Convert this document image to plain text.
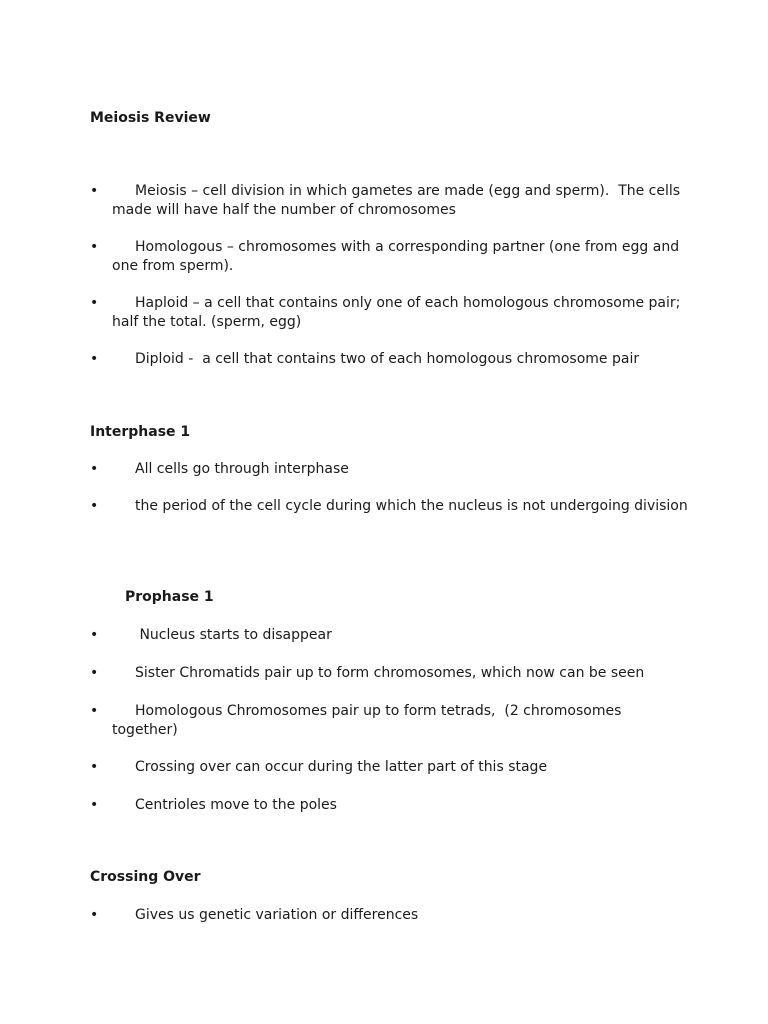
Meiosis Review
•	Meiosis – cell division in which gametes are made (egg and sperm).  The cells made will have half the number of chromosomes
•	Homologous – chromosomes with a corresponding partner (one from egg and one from sperm).
•	Haploid – a cell that contains only one of each homologous chromosome pair; half the total. (sperm, egg)
•	Diploid -  a cell that contains two of each homologous chromosome pair
Interphase 1
•	All cells go through interphase
•	the period of the cell cycle during which the nucleus is not undergoing division
Prophase 1
•	Nucleus starts to disappear
•	Sister Chromatids pair up to form chromosomes, which now can be seen
•	Homologous Chromosomes pair up to form tetrads,  (2 chromosomes together)
•	Crossing over can occur during the latter part of this stage
•	Centrioles move to the poles
Crossing Over
•	Gives us genetic variation or differences
